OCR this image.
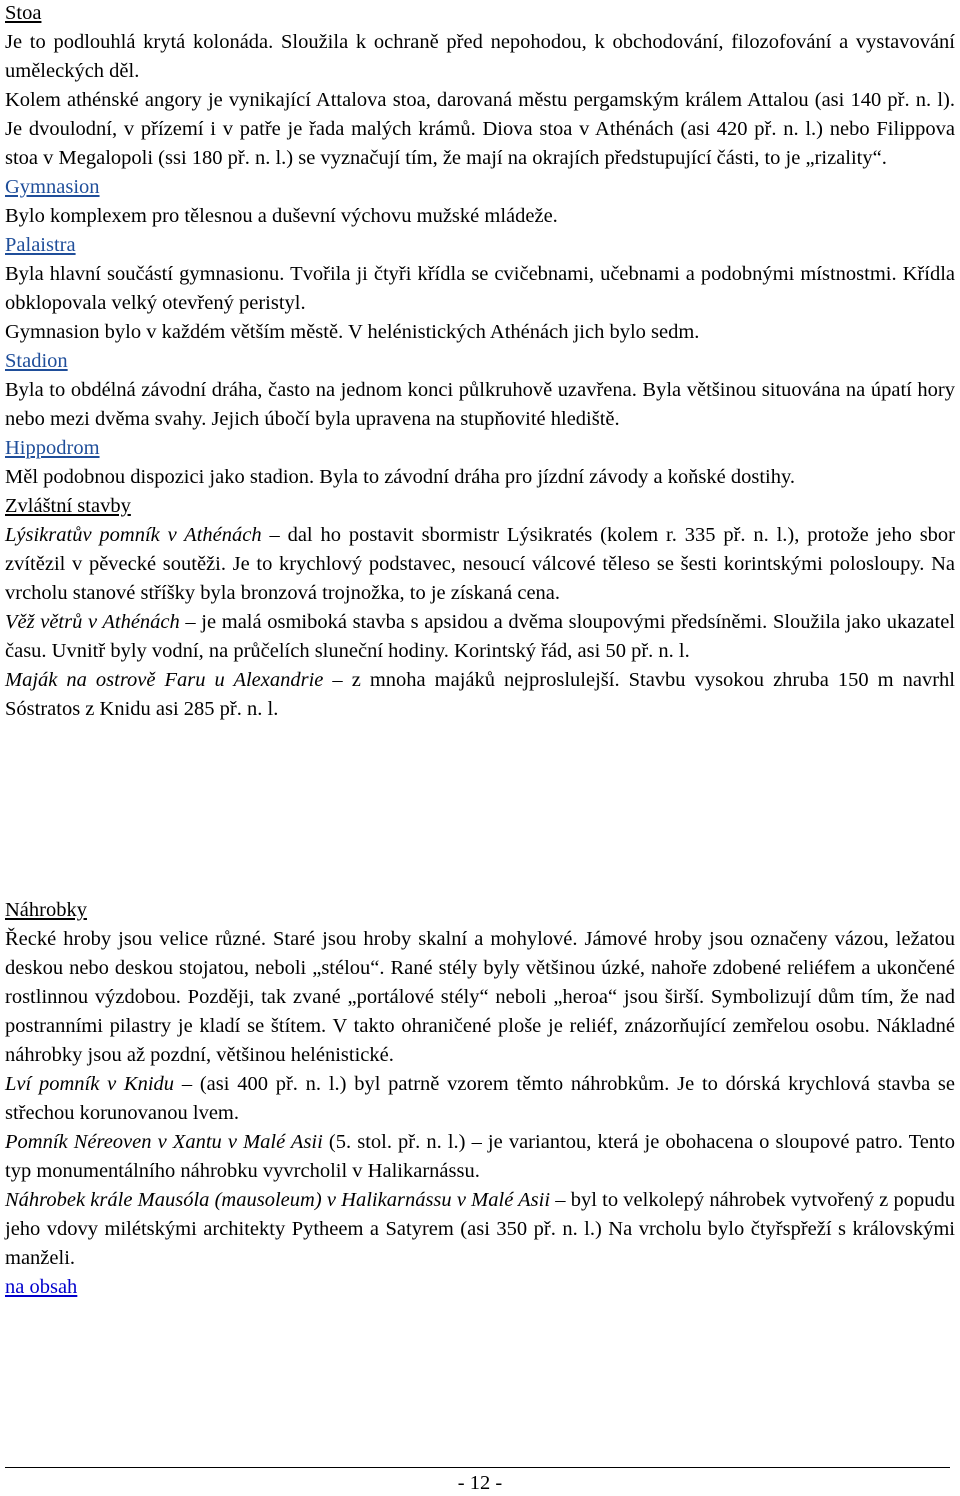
Stoa

Je to podlouhlá krytá kolonáda. Sloužila k ochraně před nepohodou, k obchodování, filozofování a vystavování uměleckých děl.

Kolem athénské angory je vynikající Attalova stoa, darovaná městu pergamským králem Attalou (asi 140 př. n. l). Je dvoulodní, v přízemí i v patře je řada malých krámů. Diova stoa v Athénách (asi 420 př. n. l.) nebo Filippova stoa v Megalopoli (ssi 180 př. n. l.) se vyznačují tím, že mají na okrajích předstupující části, to je „rizality“.

Gymnasion

Bylo komplexem pro tělesnou a duševní výchovu mužské mládeže.

Palaistra

Byla hlavní součástí gymnasionu. Tvořila ji čtyři křídla se cvičebnami, učebnami a podobnými místnostmi. Křídla obklopovala velký otevřený peristyl.

Gymnasion bylo v každém větším městě. V helénistických Athénách jich bylo sedm.

Stadion

Byla to obdélná závodní dráha, často na jednom konci půlkruhově uzavřena. Byla většinou situována na úpatí hory nebo mezi dvěma svahy. Jejich úbočí byla upravena na stupňovité hlediště.

Hippodrom

Měl podobnou dispozici jako stadion. Byla to závodní dráha pro jízdní závody a koňské dostihy.

Zvláštní stavby

Lýsikratův pomník v Athénách – dal ho postavit sbormistr Lýsikratés (kolem r. 335 př. n. l.), protože jeho sbor zvítězil v pěvecké soutěži. Je to krychlový podstavec, nesoucí válcové těleso se šesti korintskými polosloupy. Na vrcholu stanové stříšky byla bronzová trojnožka, to je získaná cena.

Věž větrů v Athénách – je malá osmiboká stavba s apsidou a dvěma sloupovými předsíněmi. Sloužila jako ukazatel času. Uvnitř byly vodní, na průčelích sluneční hodiny. Korintský řád, asi 50 př. n. l.

Maják na ostrově Faru u Alexandrie – z mnoha majáků nejproslulejší. Stavbu vysokou zhruba 150 m navrhl Sóstratos z Knidu asi 285 př. n. l.

Náhrobky

Řecké hroby jsou velice různé. Staré jsou hroby skalní a mohylové. Jámové hroby jsou označeny vázou, ležatou deskou nebo deskou stojatou, neboli „stélou“. Rané stély byly většinou úzké, nahoře zdobené reliéfem a ukončené rostlinnou výzdobou. Později, tak zvané „portálové stély“ neboli „heroa“ jsou širší. Symbolizují dům tím, že nad postranními pilastry je kladí se štítem. V takto ohraničené ploše je reliéf, znázorňující zemřelou osobu. Nákladné náhrobky jsou až pozdní, většinou helénistické.

Lví pomník v Knidu – (asi 400 př. n. l.) byl patrně vzorem těmto náhrobkům. Je to dórská krychlová stavba se střechou korunovanou lvem.

Pomník Néreoven v Xantu v Malé Asii (5. stol. př. n. l.) – je variantou, která je obohacena o sloupové patro. Tento typ monumentálního náhrobku vyvrcholil v Halikarnássu.

Náhrobek krále Mausóla (mausoleum) v Halikarnássu v Malé Asii – byl to velkolepý náhrobek vytvořený z popudu jeho vdovy milétskými architekty Pytheem a Satyrem (asi 350 př. n. l.) Na vrcholu bylo čtyřspřeží s královskými manželi.

na obsah

- 12 -
